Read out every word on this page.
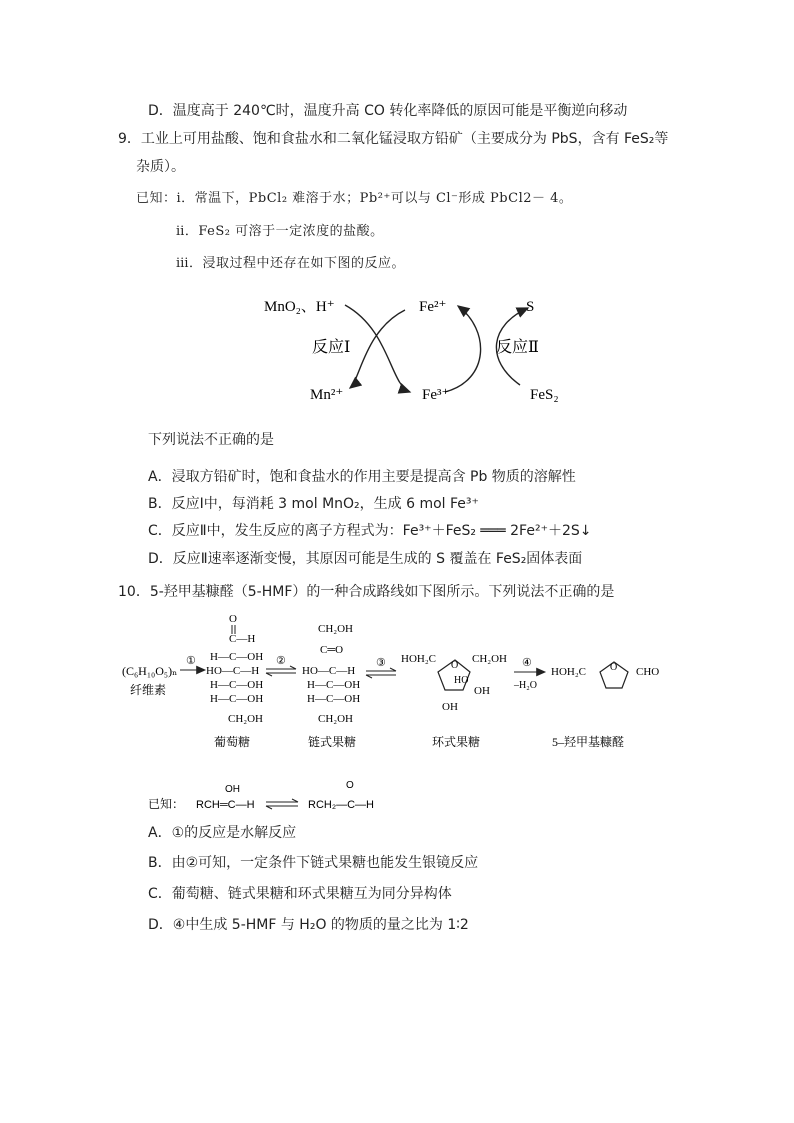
D．温度高于 240℃时，温度升高 CO 转化率降低的原因可能是平衡逆向移动
9．工业上可用盐酸、饱和食盐水和二氧化锰浸取方铅矿（主要成分为 PbS，含有 FeS₂等
杂质）。
已知：ⅰ．常温下，PbCl₂ 难溶于水；Pb²⁺可以与 Cl⁻形成 PbCl2－ 4。
ⅱ．FeS₂ 可溶于一定浓度的盐酸。
ⅲ．浸取过程中还存在如下图的反应。
MnO₂、H⁺
反应Ⅰ
Mn²⁺
Fe²⁺
Fe³⁺
反应Ⅱ
S
FeS₂
下列说法不正确的是
A．浸取方铅矿时，饱和食盐水的作用主要是提高含 Pb 物质的溶解性
B．反应Ⅰ中，每消耗 3 mol MnO₂，生成 6 mol Fe³⁺
C．反应Ⅱ中，发生反应的离子方程式为：Fe³⁺＋FeS₂ ═══ 2Fe²⁺＋2S↓
D．反应Ⅱ速率逐渐变慢，其原因可能是生成的 S 覆盖在 FeS₂固体表面
10．5-羟甲基糠醛（5-HMF）的一种合成路线如下图所示。下列说法不正确的是
(C₆H₁₀O₅)ₙ
纤维素
①
O
C—H
H—C—OH
HO—C—H
H—C—OH
H—C—OH
CH₂OH
葡萄糖
②
CH₂OH
C═O
HO—C—H
H—C—OH
H—C—OH
CH₂OH
链式果糖
③ HOH₂C	CH₂OH
O
HO
OH
OH
环式果糖
④
–H₂O
HOH₂C O CHO
5–羟甲基糠醛
已知：
OH
RCH═C—H
O
RCH₂—C—H
A．①的反应是水解反应
B．由②可知，一定条件下链式果糖也能发生银镜反应
C．葡萄糖、链式果糖和环式果糖互为同分异构体
D．④中生成 5-HMF 与 H₂O 的物质的量之比为 1∶2
